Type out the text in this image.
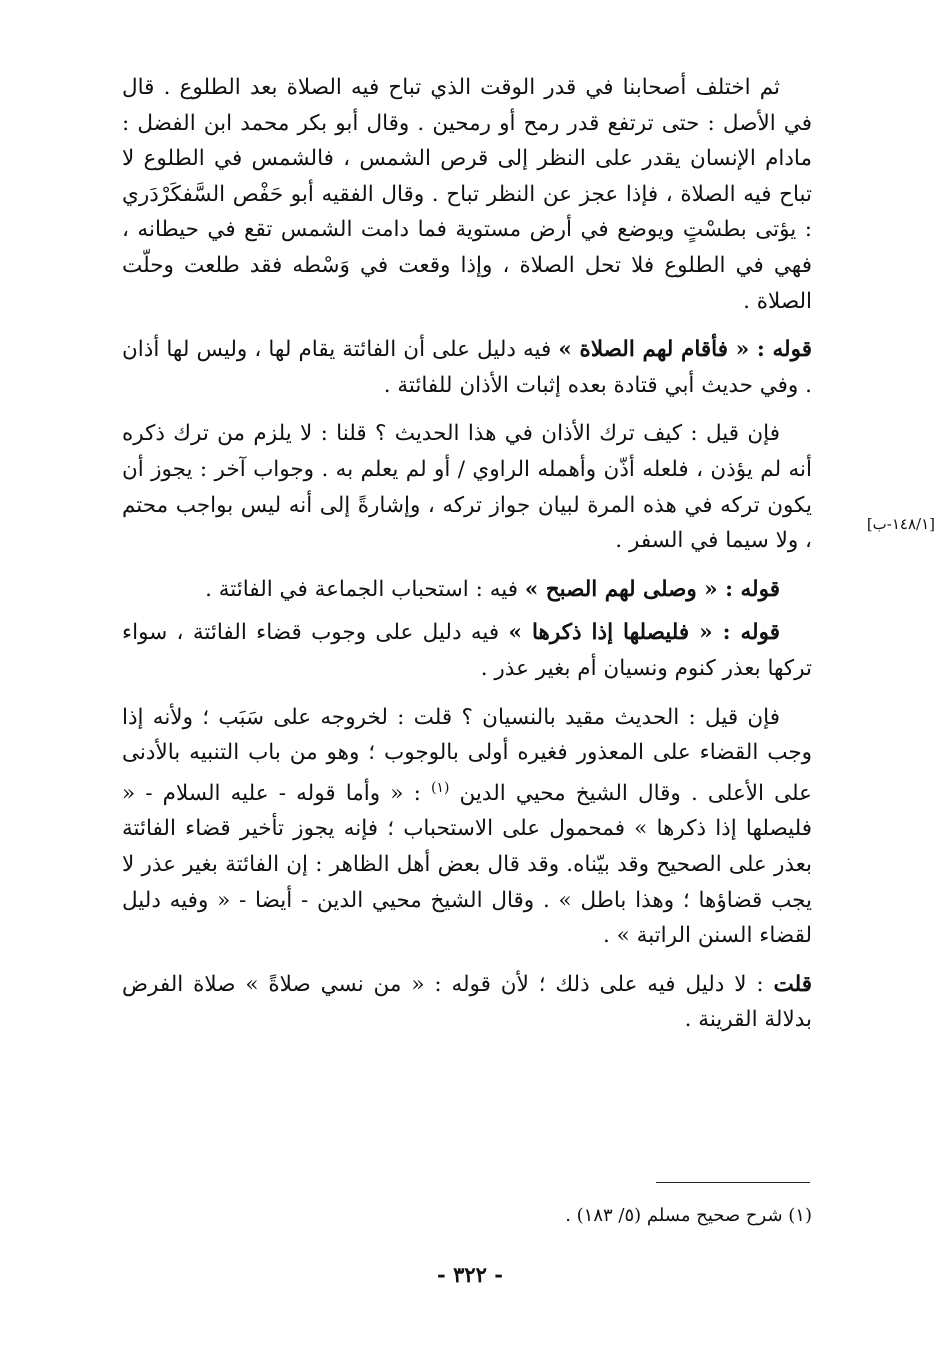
ثم اختلف أصحابنا في قدر الوقت الذي تباح فيه الصلاة بعد الطلوع . قال في الأصل : حتى ترتفع قدر رمح أو رمحين . وقال أبو بكر محمد ابن الفضل : مادام الإنسان يقدر على النظر إلى قرص الشمس ، فالشمس في الطلوع لا تباح فيه الصلاة ، فإذا عجز عن النظر تباح . وقال الفقيه أبو حَفْص السَّفكَرْدَري : يؤتى بطسْتٍ ويوضع في أرض مستوية فما دامت الشمس تقع في حيطانه ، فهي في الطلوع فلا تحل الصلاة ، وإذا وقعت في وَسْطه فقد طلعت وحلّت الصلاة .

قوله : « فأقام لهم الصلاة » فيه دليل على أن الفائتة يقام لها ، وليس لها أذان . وفي حديث أبي قتادة بعده إثبات الأذان للفائتة .

فإن قيل : كيف ترك الأذان في هذا الحديث ؟ قلنا : لا يلزم من ترك ذكره أنه لم يؤذن ، فلعله أذّن وأهمله الراوي / أو لم يعلم به . وجواب آخر : يجوز أن يكون تركه في هذه المرة لبيان جواز تركه ، وإشارةً إلى أنه ليس بواجب محتم ، ولا سيما في السفر .

قوله : « وصلى لهم الصبح » فيه : استحباب الجماعة في الفائتة .

قوله : « فليصلها إذا ذكرها » فيه دليل على وجوب قضاء الفائتة ، سواء تركها بعذر كنوم ونسيان أم بغير عذر .

فإن قيل : الحديث مقيد بالنسيان ؟ قلت : لخروجه على سَبَب ؛ ولأنه إذا وجب القضاء على المعذور فغيره أولى بالوجوب ؛ وهو من باب التنبيه بالأدنى على الأعلى . وقال الشيخ محيي الدين $^{(١)}$ : « وأما قوله - عليه السلام - « فليصلها إذا ذكرها » فمحمول على الاستحباب ؛ فإنه يجوز تأخير قضاء الفائتة بعذر على الصحيح وقد بيّناه. وقد قال بعض أهل الظاهر : إن الفائتة بغير عذر لا يجب قضاؤها ؛ وهذا باطل » . وقال الشيخ محيي الدين - أيضا - « وفيه دليل لقضاء السنن الراتبة » .

قلت : لا دليل فيه على ذلك ؛ لأن قوله : « من نسي صلاةً » صلاة الفرض بدلالة القرينة .

[١٤٨/١-ب]
(١) شرح صحيح مسلم (٥/ ١٨٣) .
- ٣٢٢ -
